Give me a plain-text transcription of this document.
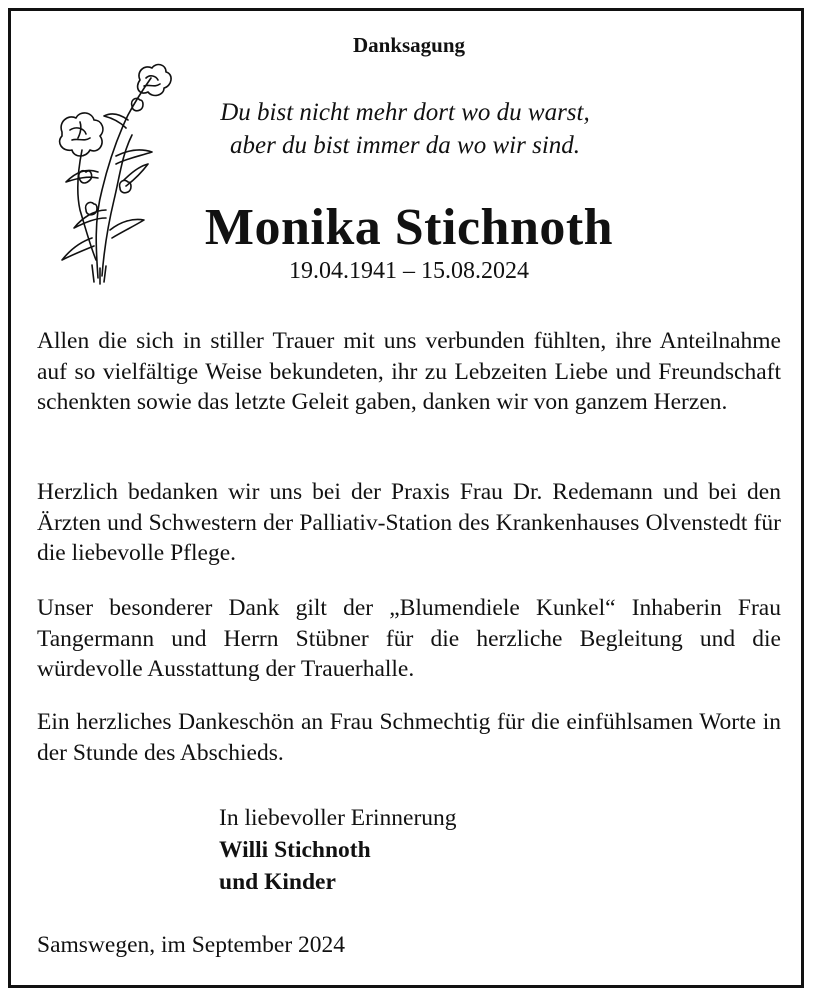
Danksagung
Du bist nicht mehr dort wo du warst,
aber du bist immer da wo wir sind.
Monika Stichnoth
19.04.1941 – 15.08.2024
Allen die sich in stiller Trauer mit uns verbunden fühlten, ihre Anteilnahme auf so vielfältige Weise bekundeten, ihr zu Lebzeiten Liebe und Freundschaft schenkten sowie das letzte Geleit gaben, danken wir von ganzem Herzen.
Herzlich bedanken wir uns bei der Praxis Frau Dr. Redemann und bei den Ärzten und Schwestern der Palliativ-Station des Krankenhauses Olvenstedt für die liebevolle Pflege.
Unser besonderer Dank gilt der „Blumendiele Kunkel“ Inhaberin Frau Tangermann und Herrn Stübner für die herzliche Begleitung und die würdevolle Ausstattung der Trauerhalle.
Ein herzliches Dankeschön an Frau Schmechtig für die einfühlsamen Worte in der Stunde des Abschieds.
In liebevoller Erinnerung
Willi Stichnoth
und Kinder
Samswegen, im September 2024
